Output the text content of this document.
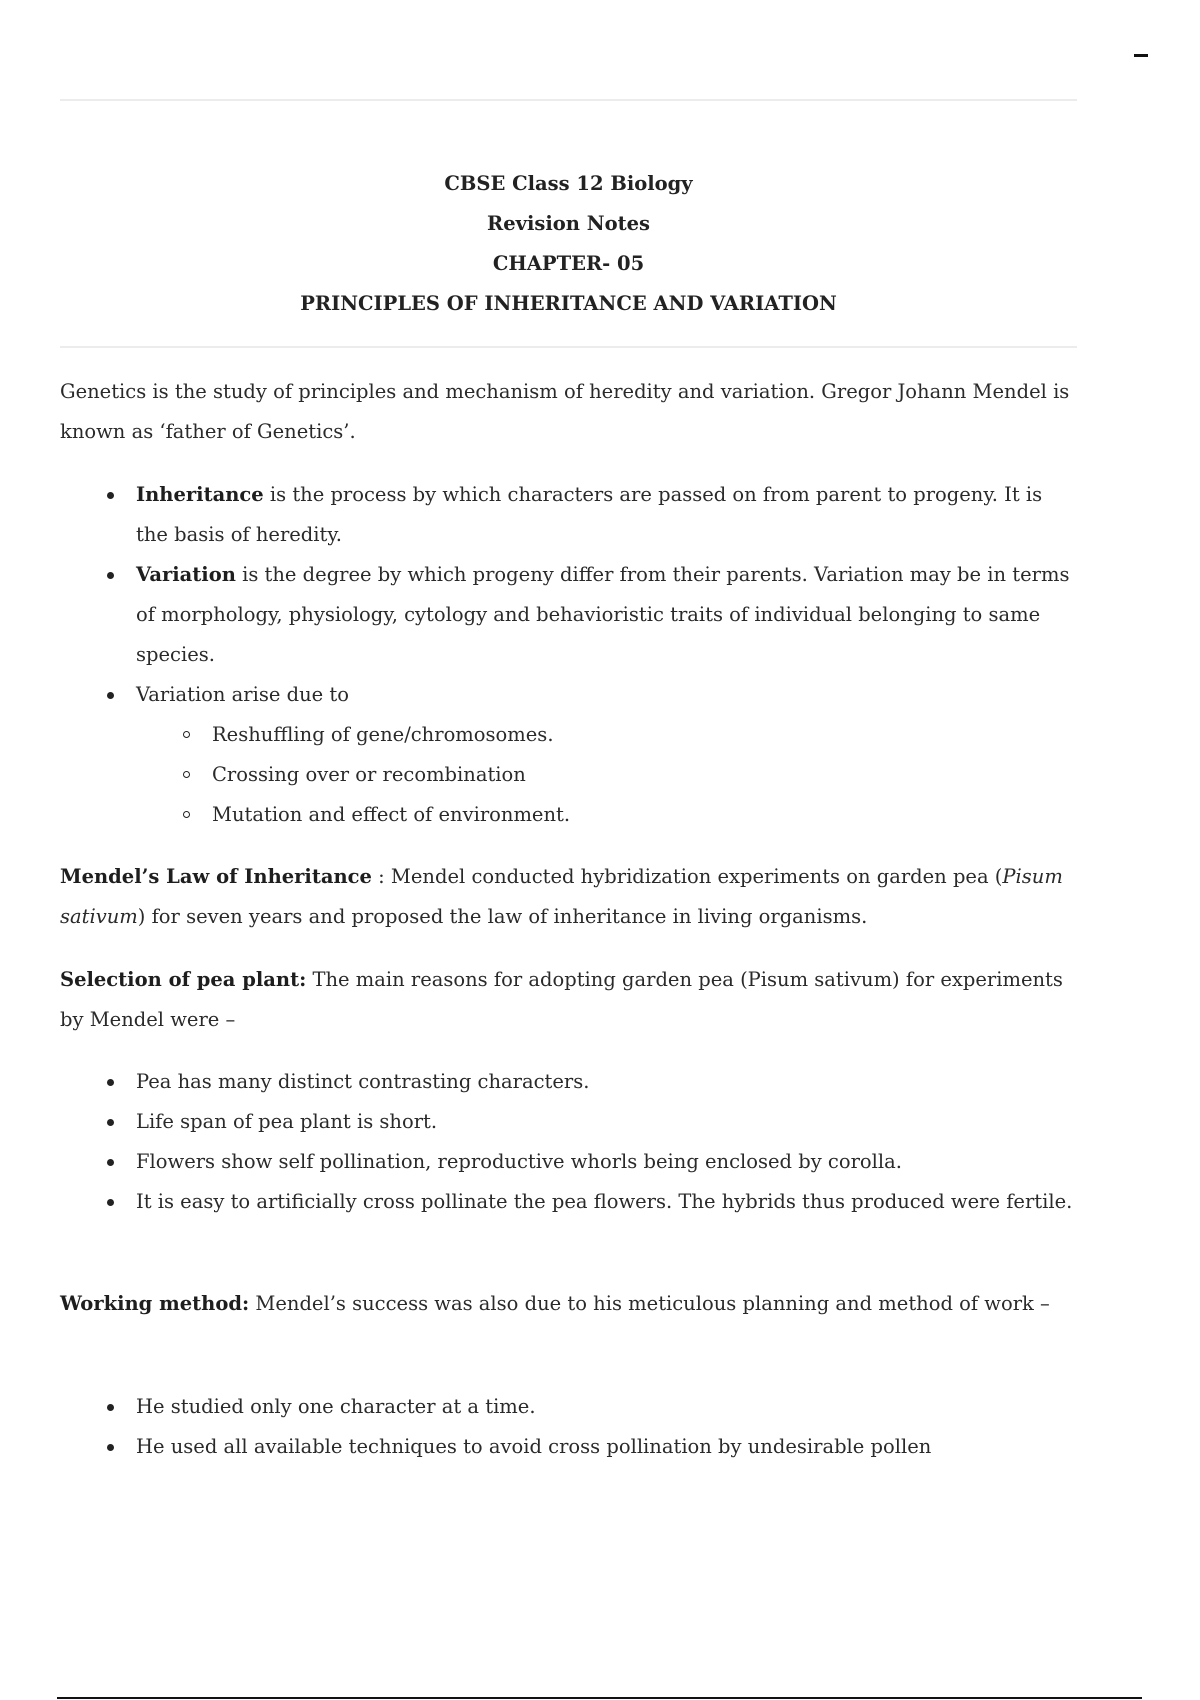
CBSE Class 12 Biology
Revision Notes
CHAPTER- 05
PRINCIPLES OF INHERITANCE AND VARIATION

Genetics is the study of principles and mechanism of heredity and variation. Gregor Johann Mendel is known as ‘father of Genetics’.

Inheritance is the process by which characters are passed on from parent to progeny. It is the basis of heredity.
Variation is the degree by which progeny differ from their parents. Variation may be in terms of morphology, physiology, cytology and behavioristic traits of individual belonging to same species.
Variation arise due to
Reshuffling of gene/chromosomes.
Crossing over or recombination
Mutation and effect of environment.

Mendel’s Law of Inheritance : Mendel conducted hybridization experiments on garden pea (Pisum sativum) for seven years and proposed the law of inheritance in living organisms.

Selection of pea plant: The main reasons for adopting garden pea (Pisum sativum) for experiments by Mendel were –

Pea has many distinct contrasting characters.
Life span of pea plant is short.
Flowers show self pollination, reproductive whorls being enclosed by corolla.
It is easy to artificially cross pollinate the pea flowers. The hybrids thus produced were fertile.

Working method: Mendel’s success was also due to his meticulous planning and method of work –

He studied only one character at a time.
He used all available techniques to avoid cross pollination by undesirable pollen
